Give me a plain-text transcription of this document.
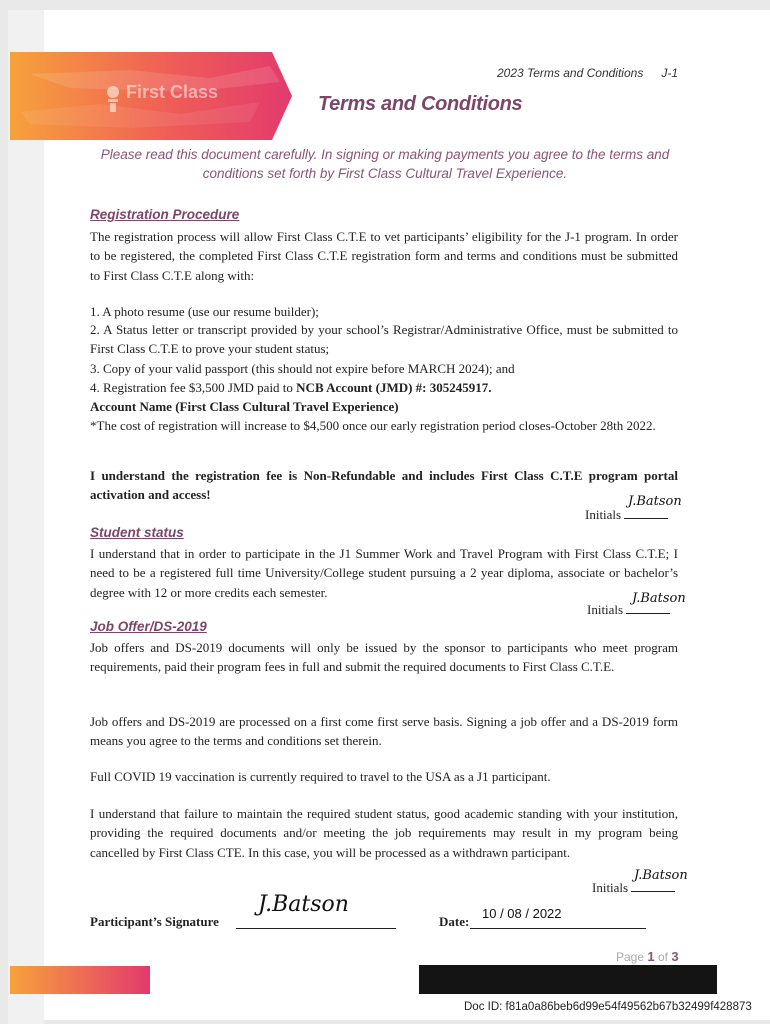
First Class
2023 Terms and Conditions J-1
Terms and Conditions
Please read this document carefully. In signing or making payments you agree to the terms and conditions set forth by First Class Cultural Travel Experience.
Registration Procedure
The registration process will allow First Class C.T.E to vet participants’ eligibility for the J-1 program. In order to be registered, the completed First Class C.T.E registration form and terms and conditions must be submitted to First Class C.T.E along with:
1. A photo resume (use our resume builder);
2. A Status letter or transcript provided by your school’s Registrar/Administrative Office, must be submitted to First Class C.T.E to prove your student status;
3. Copy of your valid passport (this should not expire before MARCH 2024); and
4. Registration fee $3,500 JMD paid to NCB Account (JMD) #: 305245917.
Account Name (First Class Cultural Travel Experience)
*The cost of registration will increase to $4,500 once our early registration period closes-October 28th 2022.
I understand the registration fee is Non-Refundable and includes First Class C.T.E program portal activation and access!	J.Batson
Initials
Student status
I understand that in order to participate in the J1 Summer Work and Travel Program with First Class C.T.E; I need to be a registered full time University/College student pursuing a 2 year diploma, associate or bachelor’s degree with 12 or more credits each semester.	J.Batson
Initials
Job Offer/DS-2019
Job offers and DS-2019 documents will only be issued by the sponsor to participants who meet program requirements, paid their program fees in full and submit the required documents to First Class C.T.E.
Job offers and DS-2019 are processed on a first come first serve basis. Signing a job offer and a DS-2019 form means you agree to the terms and conditions set therein.
Full COVID 19 vaccination is currently required to travel to the USA as a J1 participant.
I understand that failure to maintain the required student status, good academic standing with your institution, providing the required documents and/or meeting the job requirements may result in my program being cancelled by First Class CTE. In this case, you will be processed as a withdrawn participant.
J.Batson
Initials
Participant’s Signature
J.Batson
Date:
10 / 08 / 2022
Page 1 of 3
Doc ID: f81a0a86beb6d99e54f49562b67b32499f428873
